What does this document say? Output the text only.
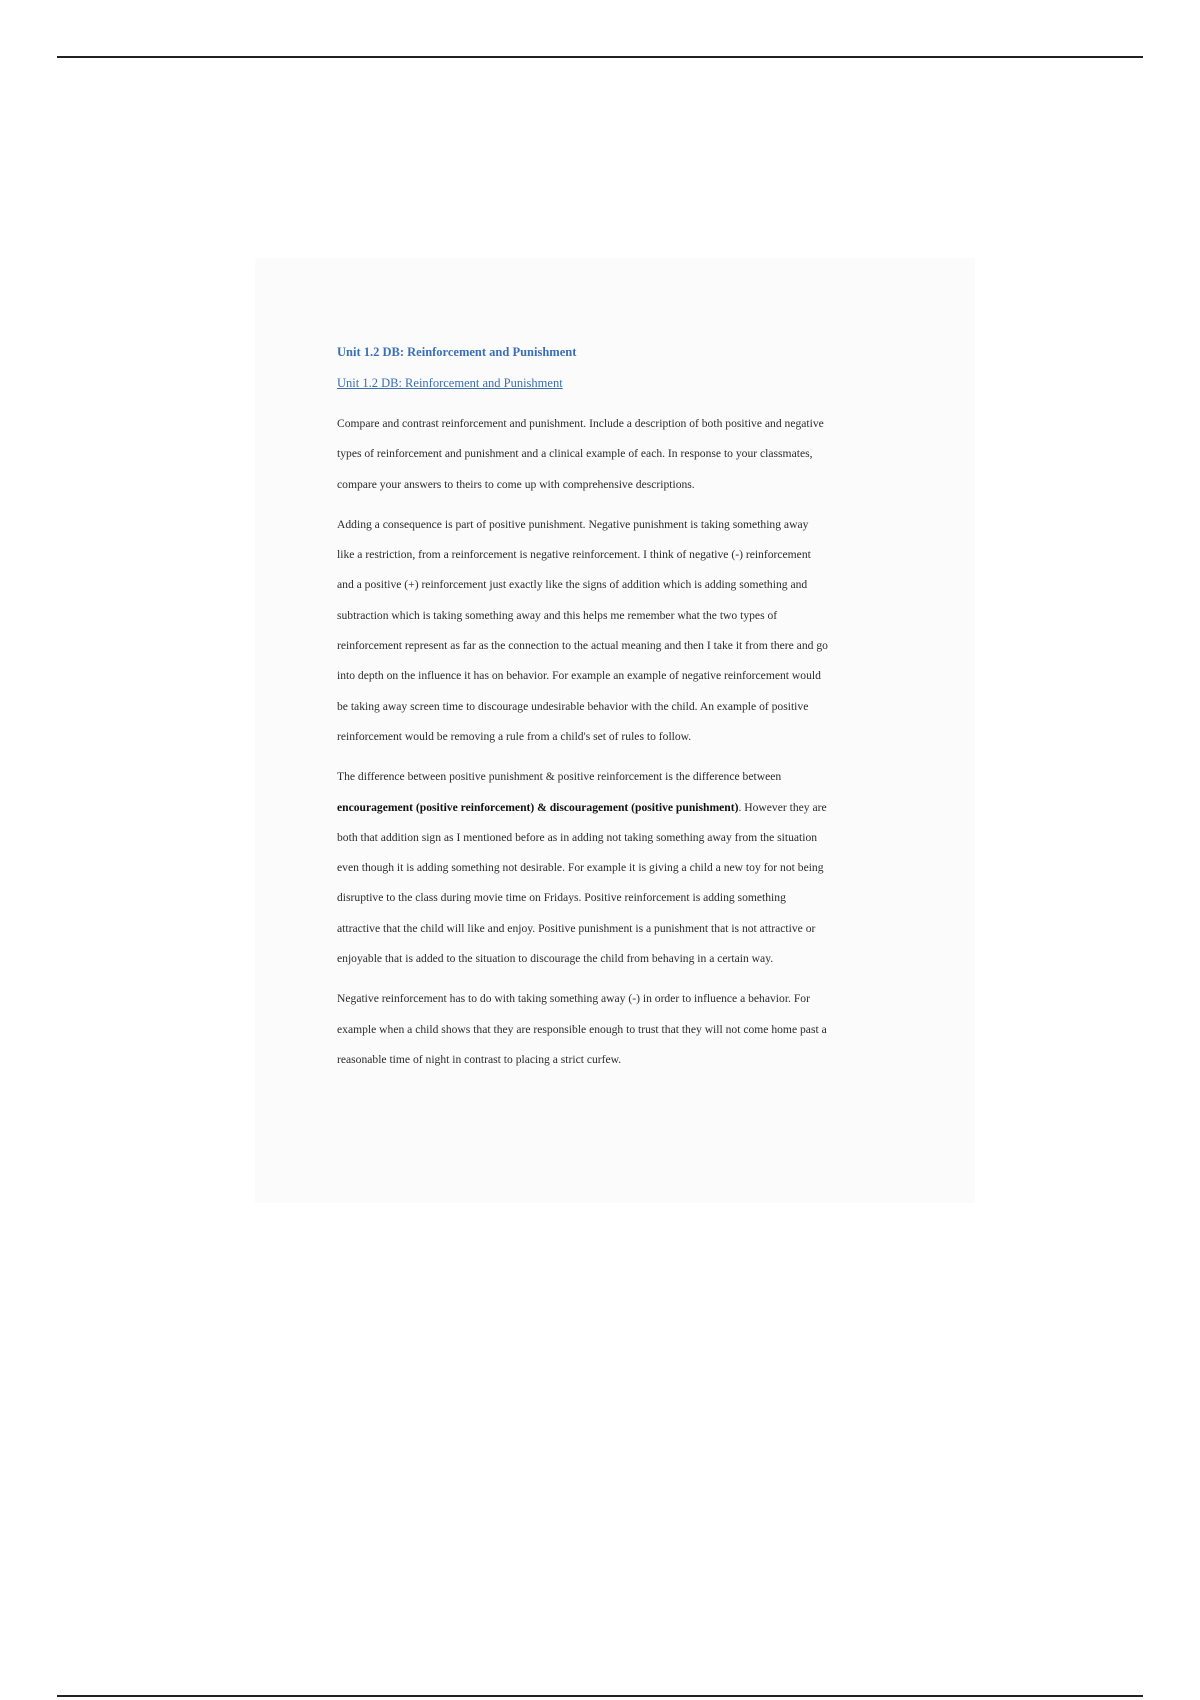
Unit 1.2 DB: Reinforcement and Punishment
Unit 1.2 DB: Reinforcement and Punishment
Compare and contrast reinforcement and punishment. Include a description of both positive and negative
types of reinforcement and punishment and a clinical example of each. In response to your classmates,
compare your answers to theirs to come up with comprehensive descriptions.
Adding a consequence is part of positive punishment. Negative punishment is taking something away
like a restriction, from a reinforcement is negative reinforcement. I think of negative (-) reinforcement
and a positive (+) reinforcement just exactly like the signs of addition which is adding something and
subtraction which is taking something away and this helps me remember what the two types of
reinforcement represent as far as the connection to the actual meaning and then I take it from there and go
into depth on the influence it has on behavior. For example an example of negative reinforcement would
be taking away screen time to discourage undesirable behavior with the child. An example of positive
reinforcement would be removing a rule from a child's set of rules to follow.
The difference between positive punishment & positive reinforcement is the difference between
encouragement (positive reinforcement) & discouragement (positive punishment). However they are
both that addition sign as I mentioned before as in adding not taking something away from the situation
even though it is adding something not desirable. For example it is giving a child a new toy for not being
disruptive to the class during movie time on Fridays. Positive reinforcement is adding something
attractive that the child will like and enjoy. Positive punishment is a punishment that is not attractive or
enjoyable that is added to the situation to discourage the child from behaving in a certain way.
Negative reinforcement has to do with taking something away (-) in order to influence a behavior. For
example when a child shows that they are responsible enough to trust that they will not come home past a
reasonable time of night in contrast to placing a strict curfew.
